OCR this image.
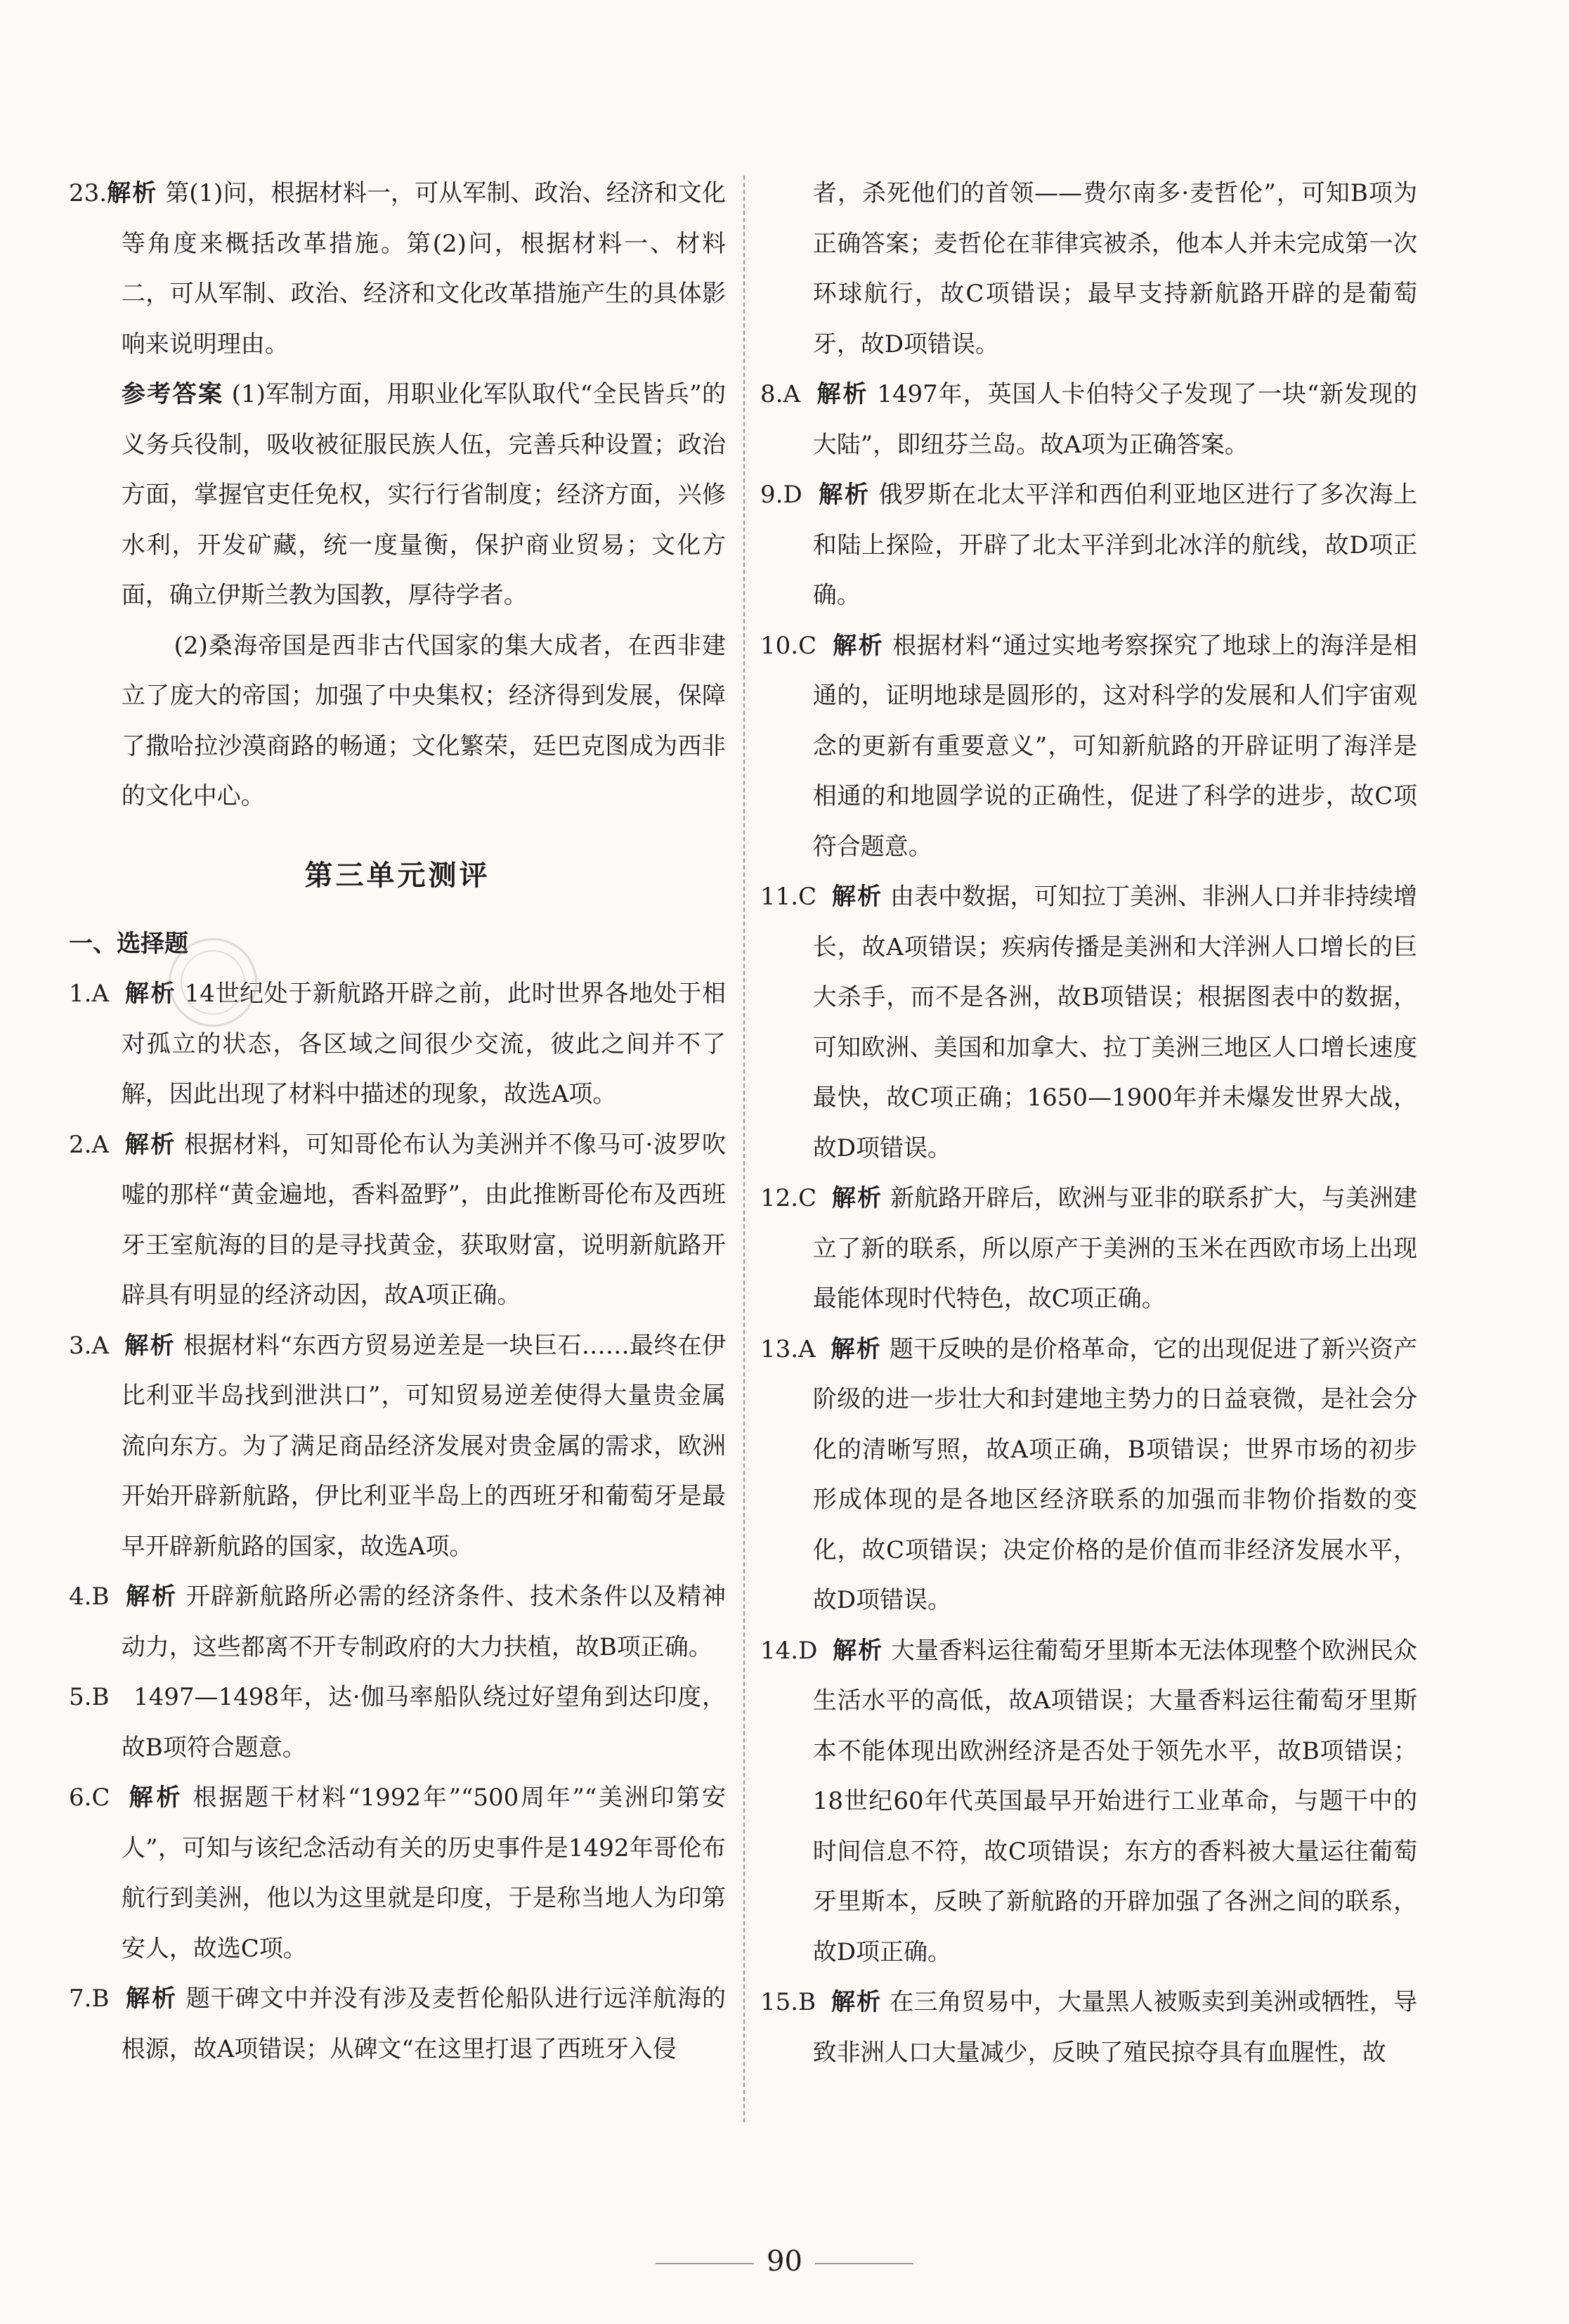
23.解析 第(1)问，根据材料一，可从军制、政治、经济和文化等角度来概括改革措施。第(2)问，根据材料一、材料二，可从军制、政治、经济和文化改革措施产生的具体影响来说明理由。
参考答案 (1)军制方面，用职业化军队取代“全民皆兵”的义务兵役制，吸收被征服民族人伍，完善兵种设置；政治方面，掌握官吏任免权，实行行省制度；经济方面，兴修水利，开发矿藏，统一度量衡，保护商业贸易；文化方面，确立伊斯兰教为国教，厚待学者。
(2)桑海帝国是西非古代国家的集大成者，在西非建立了庞大的帝国；加强了中央集权；经济得到发展，保障了撒哈拉沙漠商路的畅通；文化繁荣，廷巴克图成为西非的文化中心。
第三单元测评
一、选择题
1.A 解析 14世纪处于新航路开辟之前，此时世界各地处于相对孤立的状态，各区域之间很少交流，彼此之间并不了解，因此出现了材料中描述的现象，故选A项。
2.A 解析 根据材料，可知哥伦布认为美洲并不像马可·波罗吹嘘的那样“黄金遍地，香料盈野”，由此推断哥伦布及西班牙王室航海的目的是寻找黄金，获取财富，说明新航路开辟具有明显的经济动因，故A项正确。
3.A 解析 根据材料“东西方贸易逆差是一块巨石……最终在伊比利亚半岛找到泄洪口”，可知贸易逆差使得大量贵金属流向东方。为了满足商品经济发展对贵金属的需求，欧洲开始开辟新航路，伊比利亚半岛上的西班牙和葡萄牙是最早开辟新航路的国家，故选A项。
4.B 解析 开辟新航路所必需的经济条件、技术条件以及精神动力，这些都离不开专制政府的大力扶植，故B项正确。
5.B 1497—1498年，达·伽马率船队绕过好望角到达印度，故B项符合题意。
6.C 解析 根据题干材料“1992年”“500周年”“美洲印第安人”，可知与该纪念活动有关的历史事件是1492年哥伦布航行到美洲，他以为这里就是印度，于是称当地人为印第安人，故选C项。
7.B 解析 题干碑文中并没有涉及麦哲伦船队进行远洋航海的根源，故A项错误；从碑文“在这里打退了西班牙入侵
者，杀死他们的首领——费尔南多·麦哲伦”，可知B项为正确答案；麦哲伦在菲律宾被杀，他本人并未完成第一次环球航行，故C项错误；最早支持新航路开辟的是葡萄牙，故D项错误。
8.A 解析 1497年，英国人卡伯特父子发现了一块“新发现的大陆”，即纽芬兰岛。故A项为正确答案。
9.D 解析 俄罗斯在北太平洋和西伯利亚地区进行了多次海上和陆上探险，开辟了北太平洋到北冰洋的航线，故D项正确。
10.C 解析 根据材料“通过实地考察探究了地球上的海洋是相通的，证明地球是圆形的，这对科学的发展和人们宇宙观念的更新有重要意义”，可知新航路的开辟证明了海洋是相通的和地圆学说的正确性，促进了科学的进步，故C项符合题意。
11.C 解析 由表中数据，可知拉丁美洲、非洲人口并非持续增长，故A项错误；疾病传播是美洲和大洋洲人口增长的巨大杀手，而不是各洲，故B项错误；根据图表中的数据，可知欧洲、美国和加拿大、拉丁美洲三地区人口增长速度最快，故C项正确；1650—1900年并未爆发世界大战，故D项错误。
12.C 解析 新航路开辟后，欧洲与亚非的联系扩大，与美洲建立了新的联系，所以原产于美洲的玉米在西欧市场上出现最能体现时代特色，故C项正确。
13.A 解析 题干反映的是价格革命，它的出现促进了新兴资产阶级的进一步壮大和封建地主势力的日益衰微，是社会分化的清晰写照，故A项正确，B项错误；世界市场的初步形成体现的是各地区经济联系的加强而非物价指数的变化，故C项错误；决定价格的是价值而非经济发展水平，故D项错误。
14.D 解析 大量香料运往葡萄牙里斯本无法体现整个欧洲民众生活水平的高低，故A项错误；大量香料运往葡萄牙里斯本不能体现出欧洲经济是否处于领先水平，故B项错误；18世纪60年代英国最早开始进行工业革命，与题干中的时间信息不符，故C项错误；东方的香料被大量运往葡萄牙里斯本，反映了新航路的开辟加强了各洲之间的联系，故D项正确。
15.B 解析 在三角贸易中，大量黑人被贩卖到美洲或牺牲，导致非洲人口大量减少，反映了殖民掠夺具有血腥性，故
90
